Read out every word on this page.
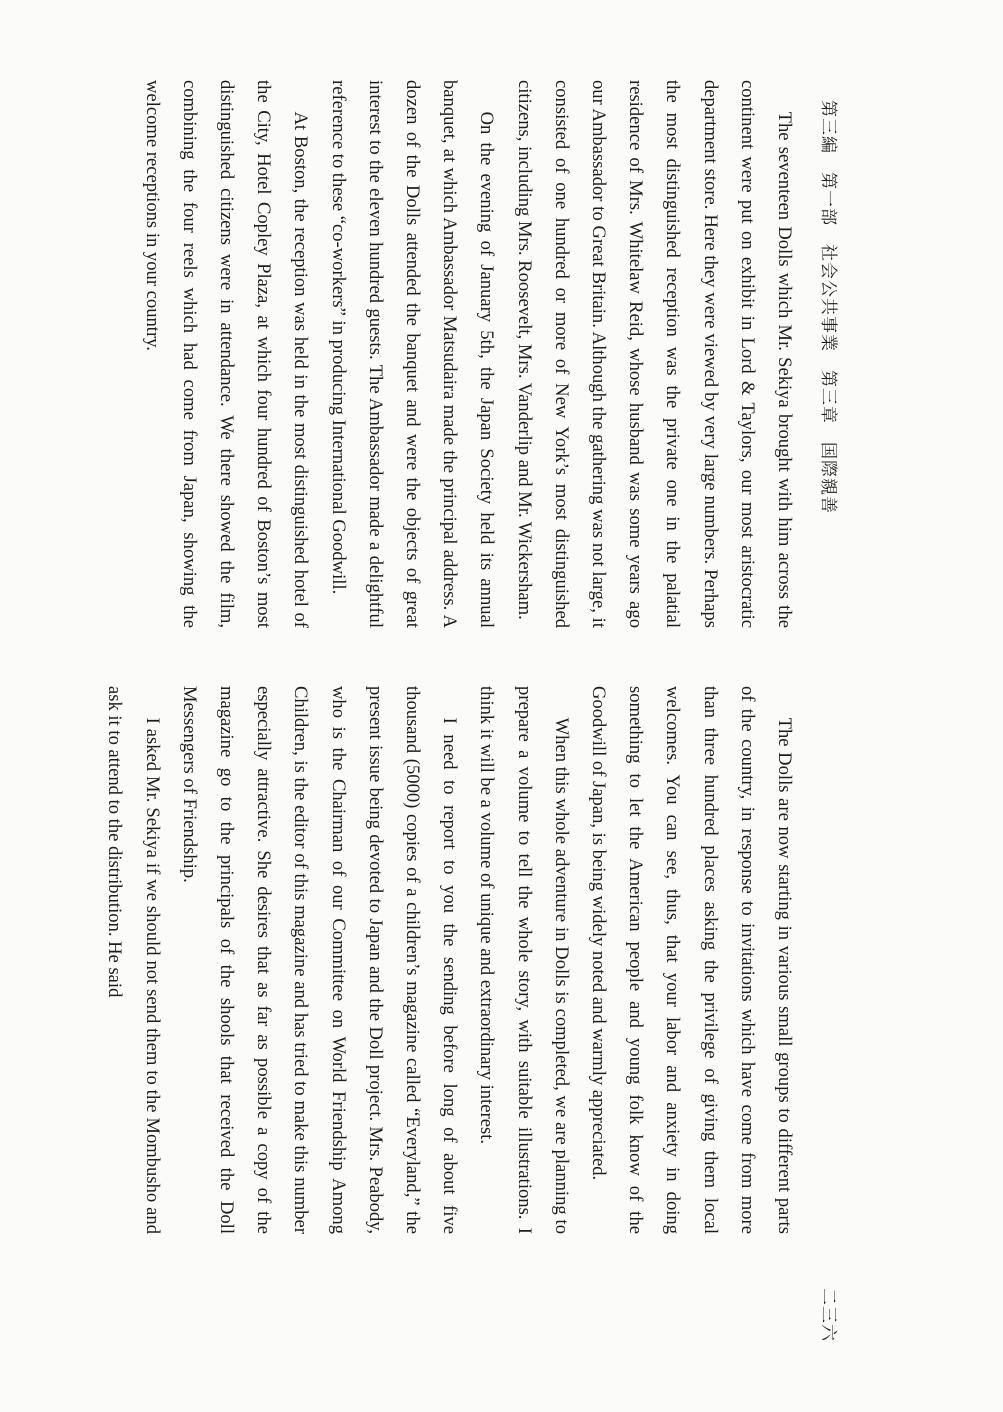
第三編　第一部　社会公共事業　第三章　国際親善
二三六

The seventeen Dolls which Mr. Sekiya brought with him across the continent were put on exhibit in Lord & Taylors, our most aristocratic department store. Here they were viewed by very large numbers. Perhaps the most distinguished reception was the private one in the palatial residence of Mrs. Whitelaw Reid, whose husband was some years ago our Ambassador to Great Britain. Although the gathering was not large, it consisted of one hundred or more of New York’s most distinguished citizens, including Mrs. Roosevelt, Mrs. Vanderlip and Mr. Wickersham.

On the evening of January 5th, the Japan Society held its annual banquet, at which Ambassador Matsudaira made the principal address. A dozen of the Dolls attended the banquet and were the objects of great interest to the eleven hundred guests. The Ambassador made a delightful reference to these “co-workers” in producing International Goodwill.

At Boston, the reception was held in the most distinguished hotel of the City, Hotel Copley Plaza, at which four hundred of Boston’s most distinguished citizens were in attendance. We there showed the film, combining the four reels which had come from Japan, showing the welcome receptions in your country.

The Dolls are now starting in various small groups to different parts of the country, in response to invitations which have come from more than three hundred places asking the privilege of giving them local welcomes. You can see, thus, that your labor and anxiety in doing something to let the American people and young folk know of the Goodwill of Japan, is being widely noted and warmly appreciated.

When this whole adventure in Dolls is completed, we are planning to prepare a volume to tell the whole story, with suitable illustrations. I think it will be a volume of unique and extraordinary interest.

I need to report to you the sending before long of about five thousand (5000) copies of a children’s magazine called “Everyland,” the present issue being devoted to Japan and the Doll project. Mrs. Peabody, who is the Chairman of our Committee on World Friendship Among Children, is the editor of this magazine and has tried to make this number especially attractive. She desires that as far as possible a copy of the magazine go to the principals of the shools that received the Doll Messengers of Friendship.

I asked Mr. Sekiya if we should not send them to the Mombusho and ask it to attend to the distribution. He said
